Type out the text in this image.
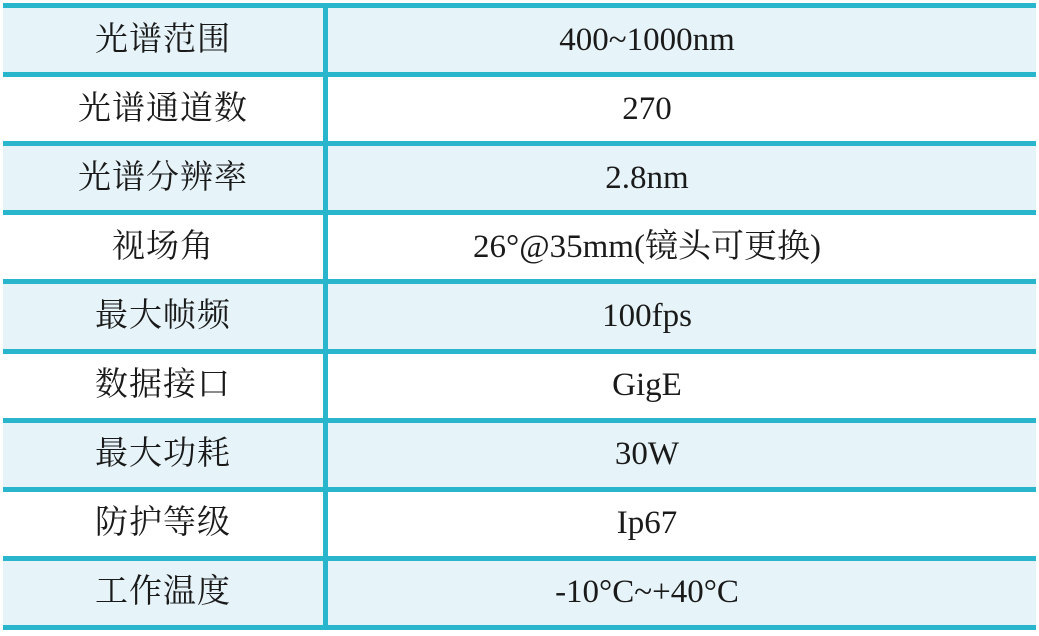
光谱范围	400~1000nm
光谱通道数	270
光谱分辨率	2.8nm
视场角	26°@35mm(镜头可更换)
最大帧频	100fps
数据接口	GigE
最大功耗	30W
防护等级	Ip67
工作温度	-10°C~+40°C
